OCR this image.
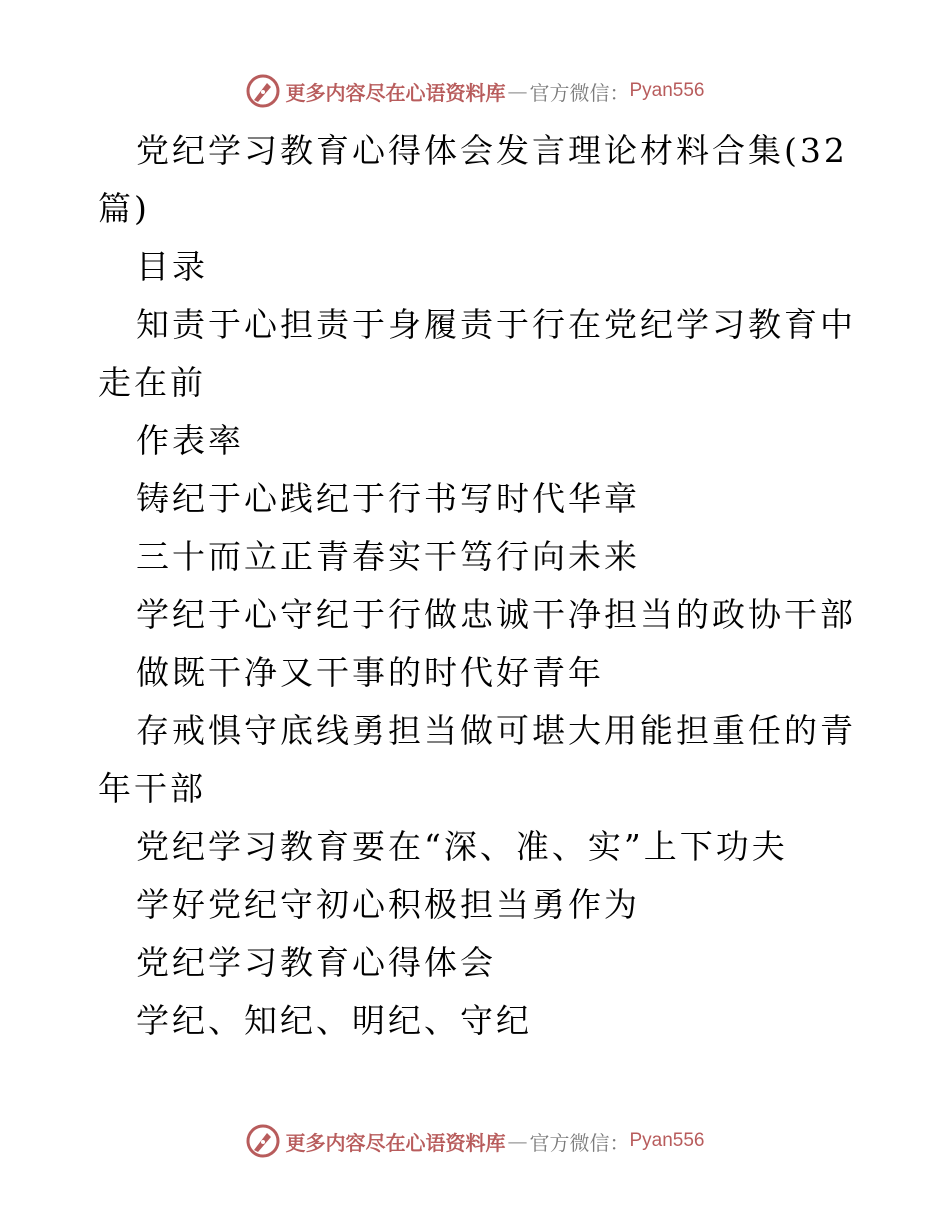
更多内容尽在心语资料库 — 官方微信： Pyan556

党纪学习教育心得体会发言理论材料合集(32篇)

目录

知责于心担责于身履责于行在党纪学习教育中走在前

作表率

铸纪于心践纪于行书写时代华章

三十而立正青春实干笃行向未来

学纪于心守纪于行做忠诚干净担当的政协干部

做既干净又干事的时代好青年

存戒惧守底线勇担当做可堪大用能担重任的青年干部

党纪学习教育要在“深、准、实”上下功夫

学好党纪守初心积极担当勇作为

党纪学习教育心得体会

学纪、知纪、明纪、守纪

更多内容尽在心语资料库 — 官方微信： Pyan556
